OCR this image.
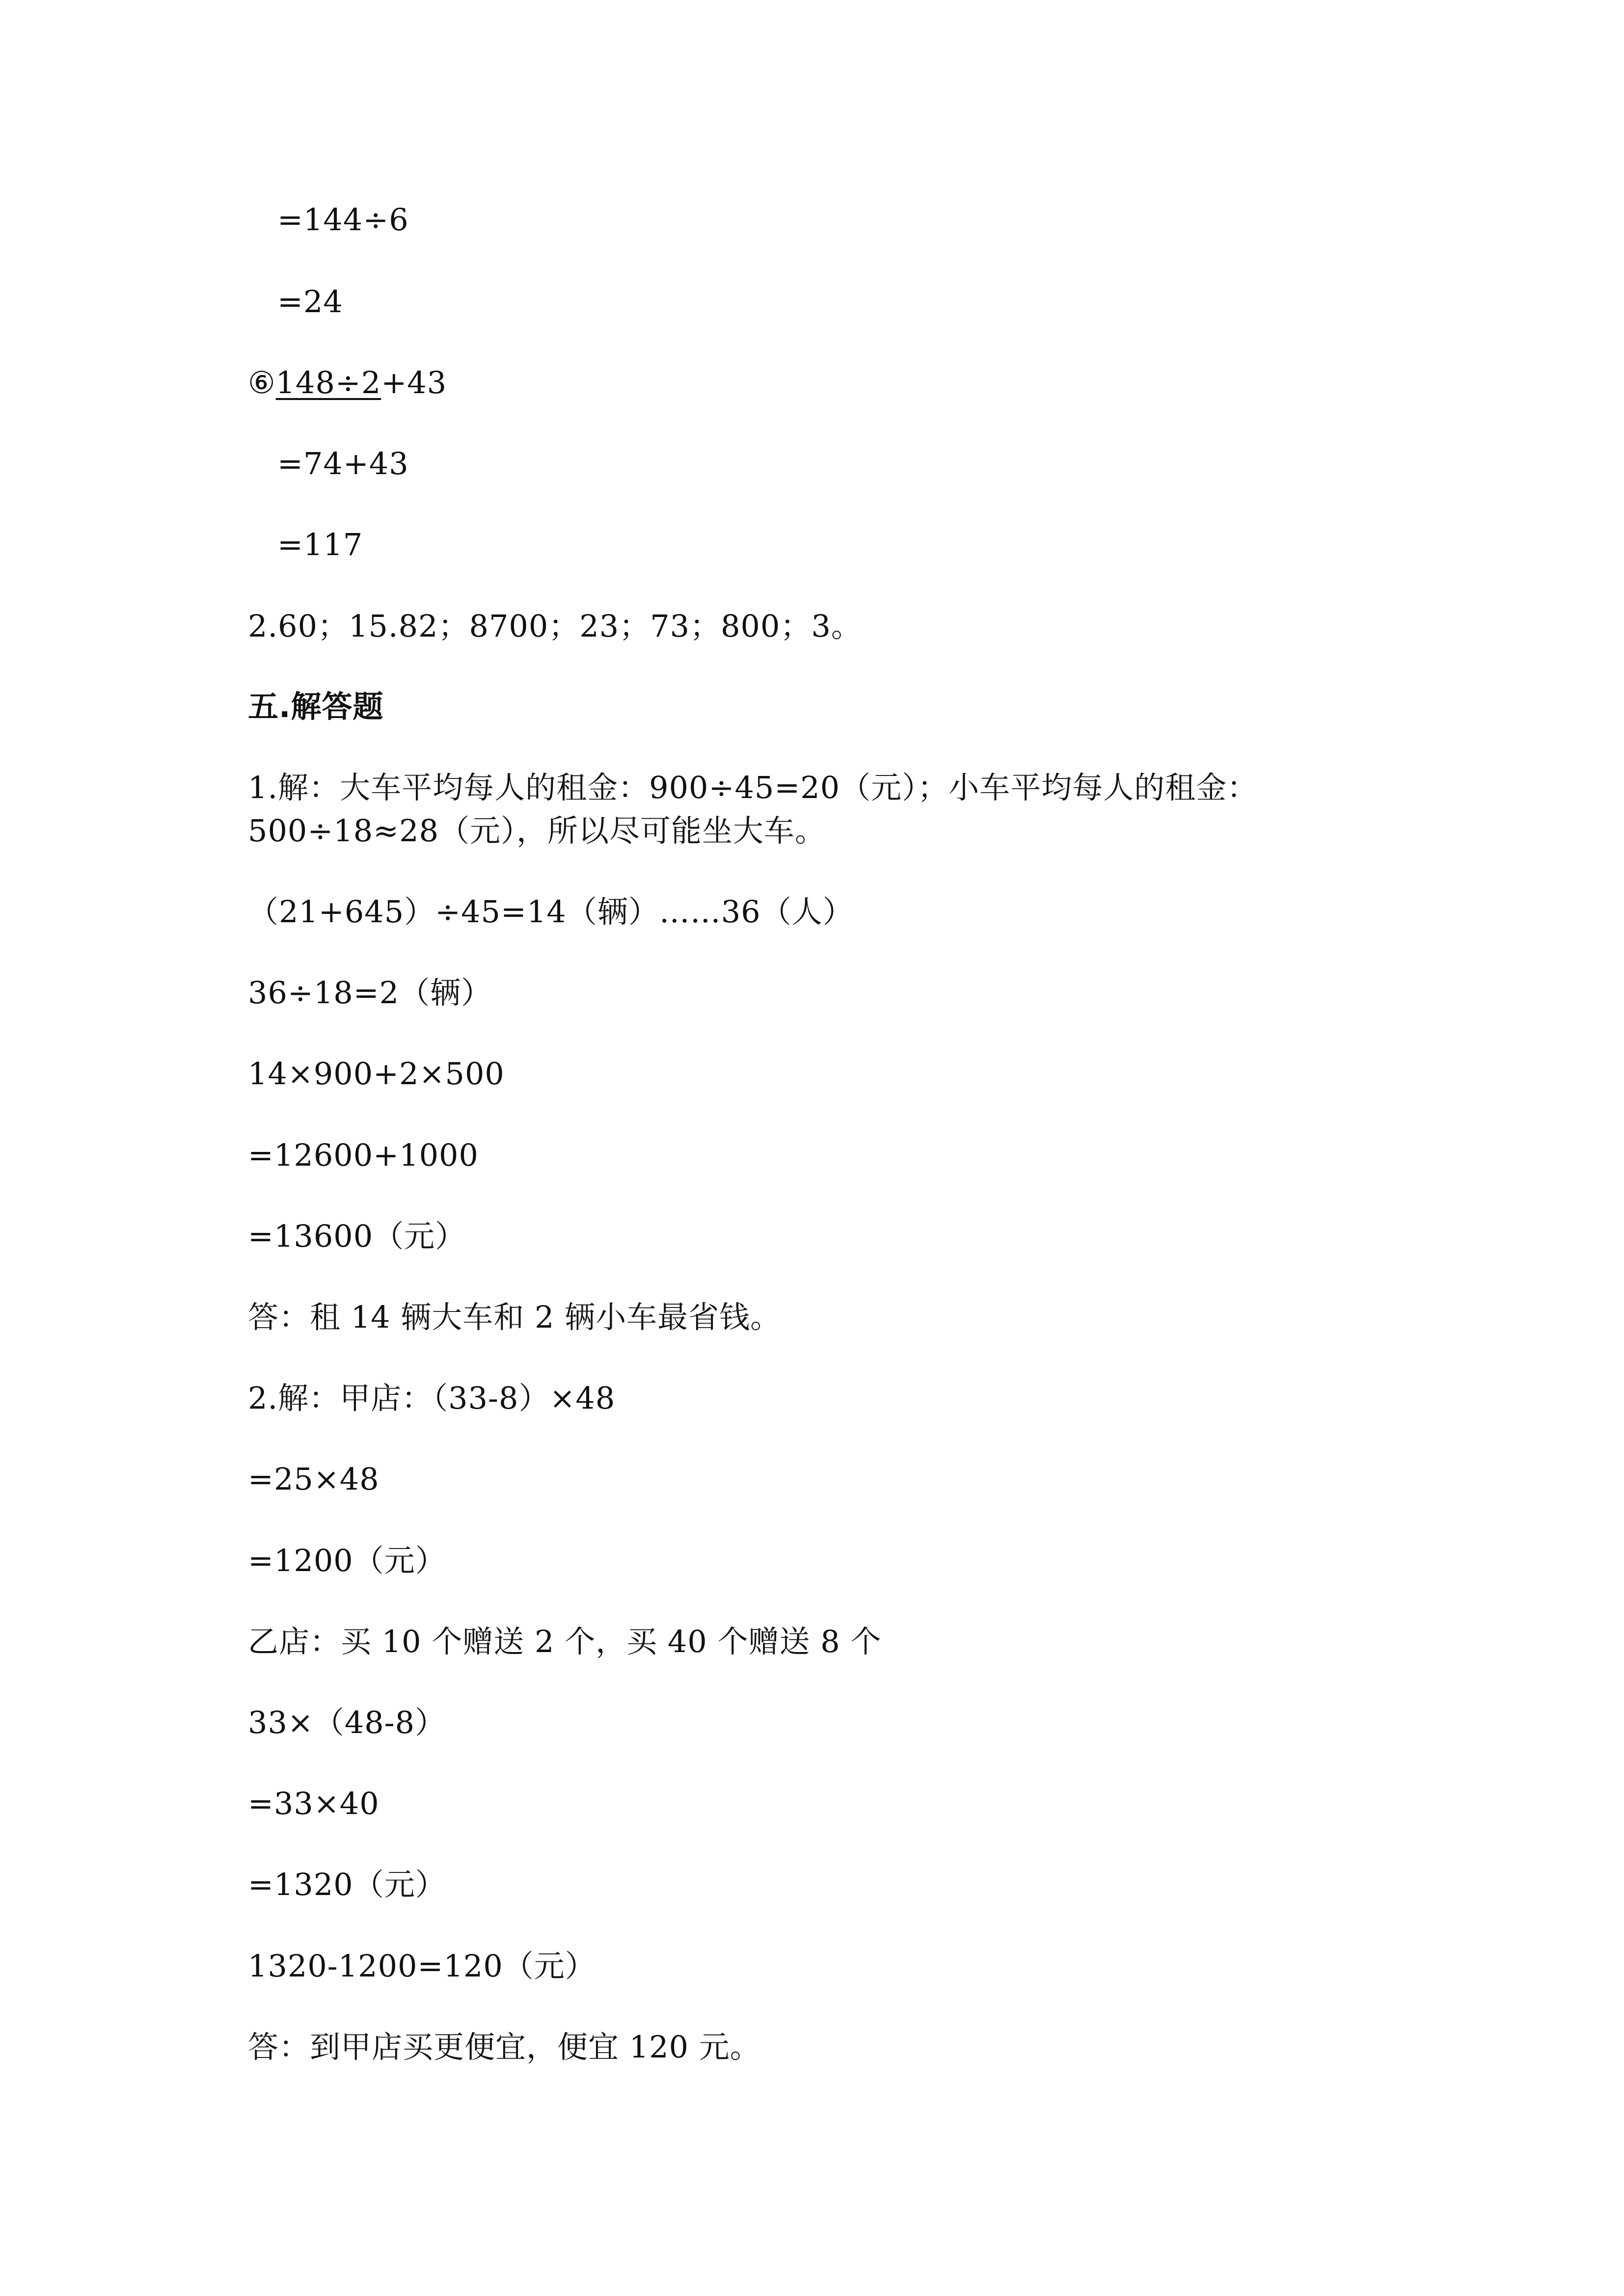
=144÷6
=24
⑥148÷2+43
=74+43
=117
2.60；15.82；8700；23；73；800；3。
五.解答题
1.解：大车平均每人的租金：900÷45=20（元）；小车平均每人的租金：
500÷18≈28（元），所以尽可能坐大车。
（21+645）÷45=14（辆）……36（人）
36÷18=2（辆）
14×900+2×500
=12600+1000
=13600（元）
答：租 14 辆大车和 2 辆小车最省钱。
2.解：甲店：（33-8）×48
=25×48
=1200（元）
乙店：买 10 个赠送 2 个，买 40 个赠送 8 个
33×（48-8）
=33×40
=1320（元）
1320-1200=120（元）
答：到甲店买更便宜，便宜 120 元。
